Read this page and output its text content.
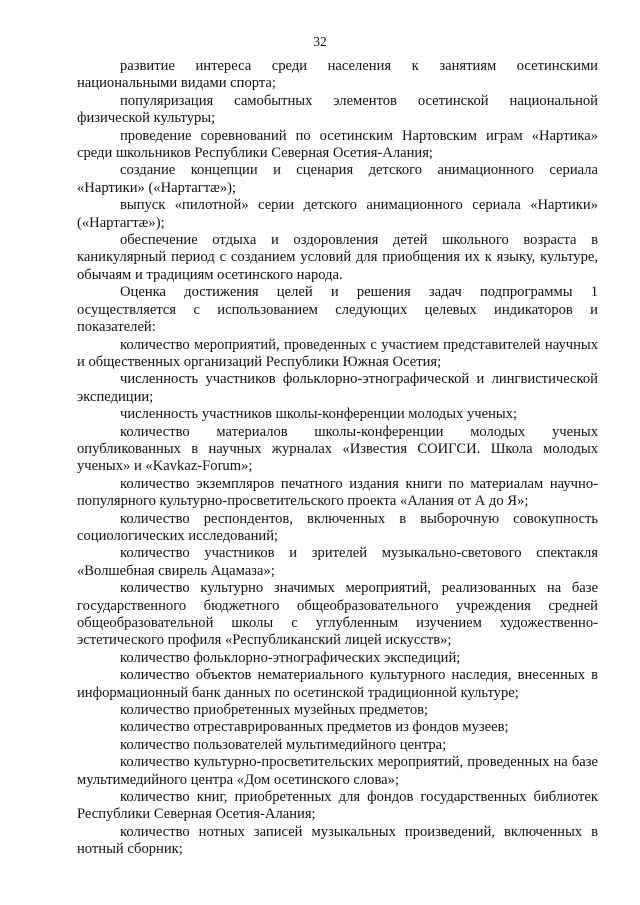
32

развитие интереса среди населения к занятиям осетинскими национальными видами спорта;

популяризация самобытных элементов осетинской национальной физической культуры;

проведение соревнований по осетинским Нартовским играм «Нартика» среди школьников Республики Северная Осетия-Алания;

создание концепции и сценария детского анимационного сериала «Нартики» («Нартагтæ»);

выпуск «пилотной» серии детского анимационного сериала «Нартики» («Нартагтæ»);

обеспечение отдыха и оздоровления детей школьного возраста в каникулярный период с созданием условий для приобщения их к языку, культуре, обычаям и традициям осетинского народа.

Оценка достижения целей и решения задач подпрограммы 1 осуществляется с использованием следующих целевых индикаторов и показателей:

количество мероприятий, проведенных с участием представителей научных и общественных организаций Республики Южная Осетия;

численность участников фольклорно-этнографической и лингвистической экспедиции;

численность участников школы-конференции молодых ученых;

количество материалов школы-конференции молодых ученых опубликованных в научных журналах «Известия СОИГСИ. Школа молодых ученых» и «Kavkaz-Forum»;

количество экземпляров печатного издания книги по материалам научно-популярного культурно-просветительского проекта «Алания от А до Я»;

количество респондентов, включенных в выборочную совокупность социологических исследований;

количество участников и зрителей музыкально-светового спектакля «Волшебная свирель Ацамаза»;

количество культурно значимых мероприятий, реализованных на базе государственного бюджетного общеобразовательного учреждения средней общеобразовательной школы с углубленным изучением художественно-эстетического профиля «Республиканский лицей искусств»;

количество фольклорно-этнографических экспедиций;

количество объектов нематериального культурного наследия, внесенных в информационный банк данных по осетинской традиционной культуре;

количество приобретенных музейных предметов;

количество отреставрированных предметов из фондов музеев;

количество пользователей мультимедийного центра;

количество культурно-просветительских мероприятий, проведенных на базе мультимедийного центра «Дом осетинского слова»;

количество книг, приобретенных для фондов государственных библиотек Республики Северная Осетия-Алания;

количество нотных записей музыкальных произведений, включенных в нотный сборник;
